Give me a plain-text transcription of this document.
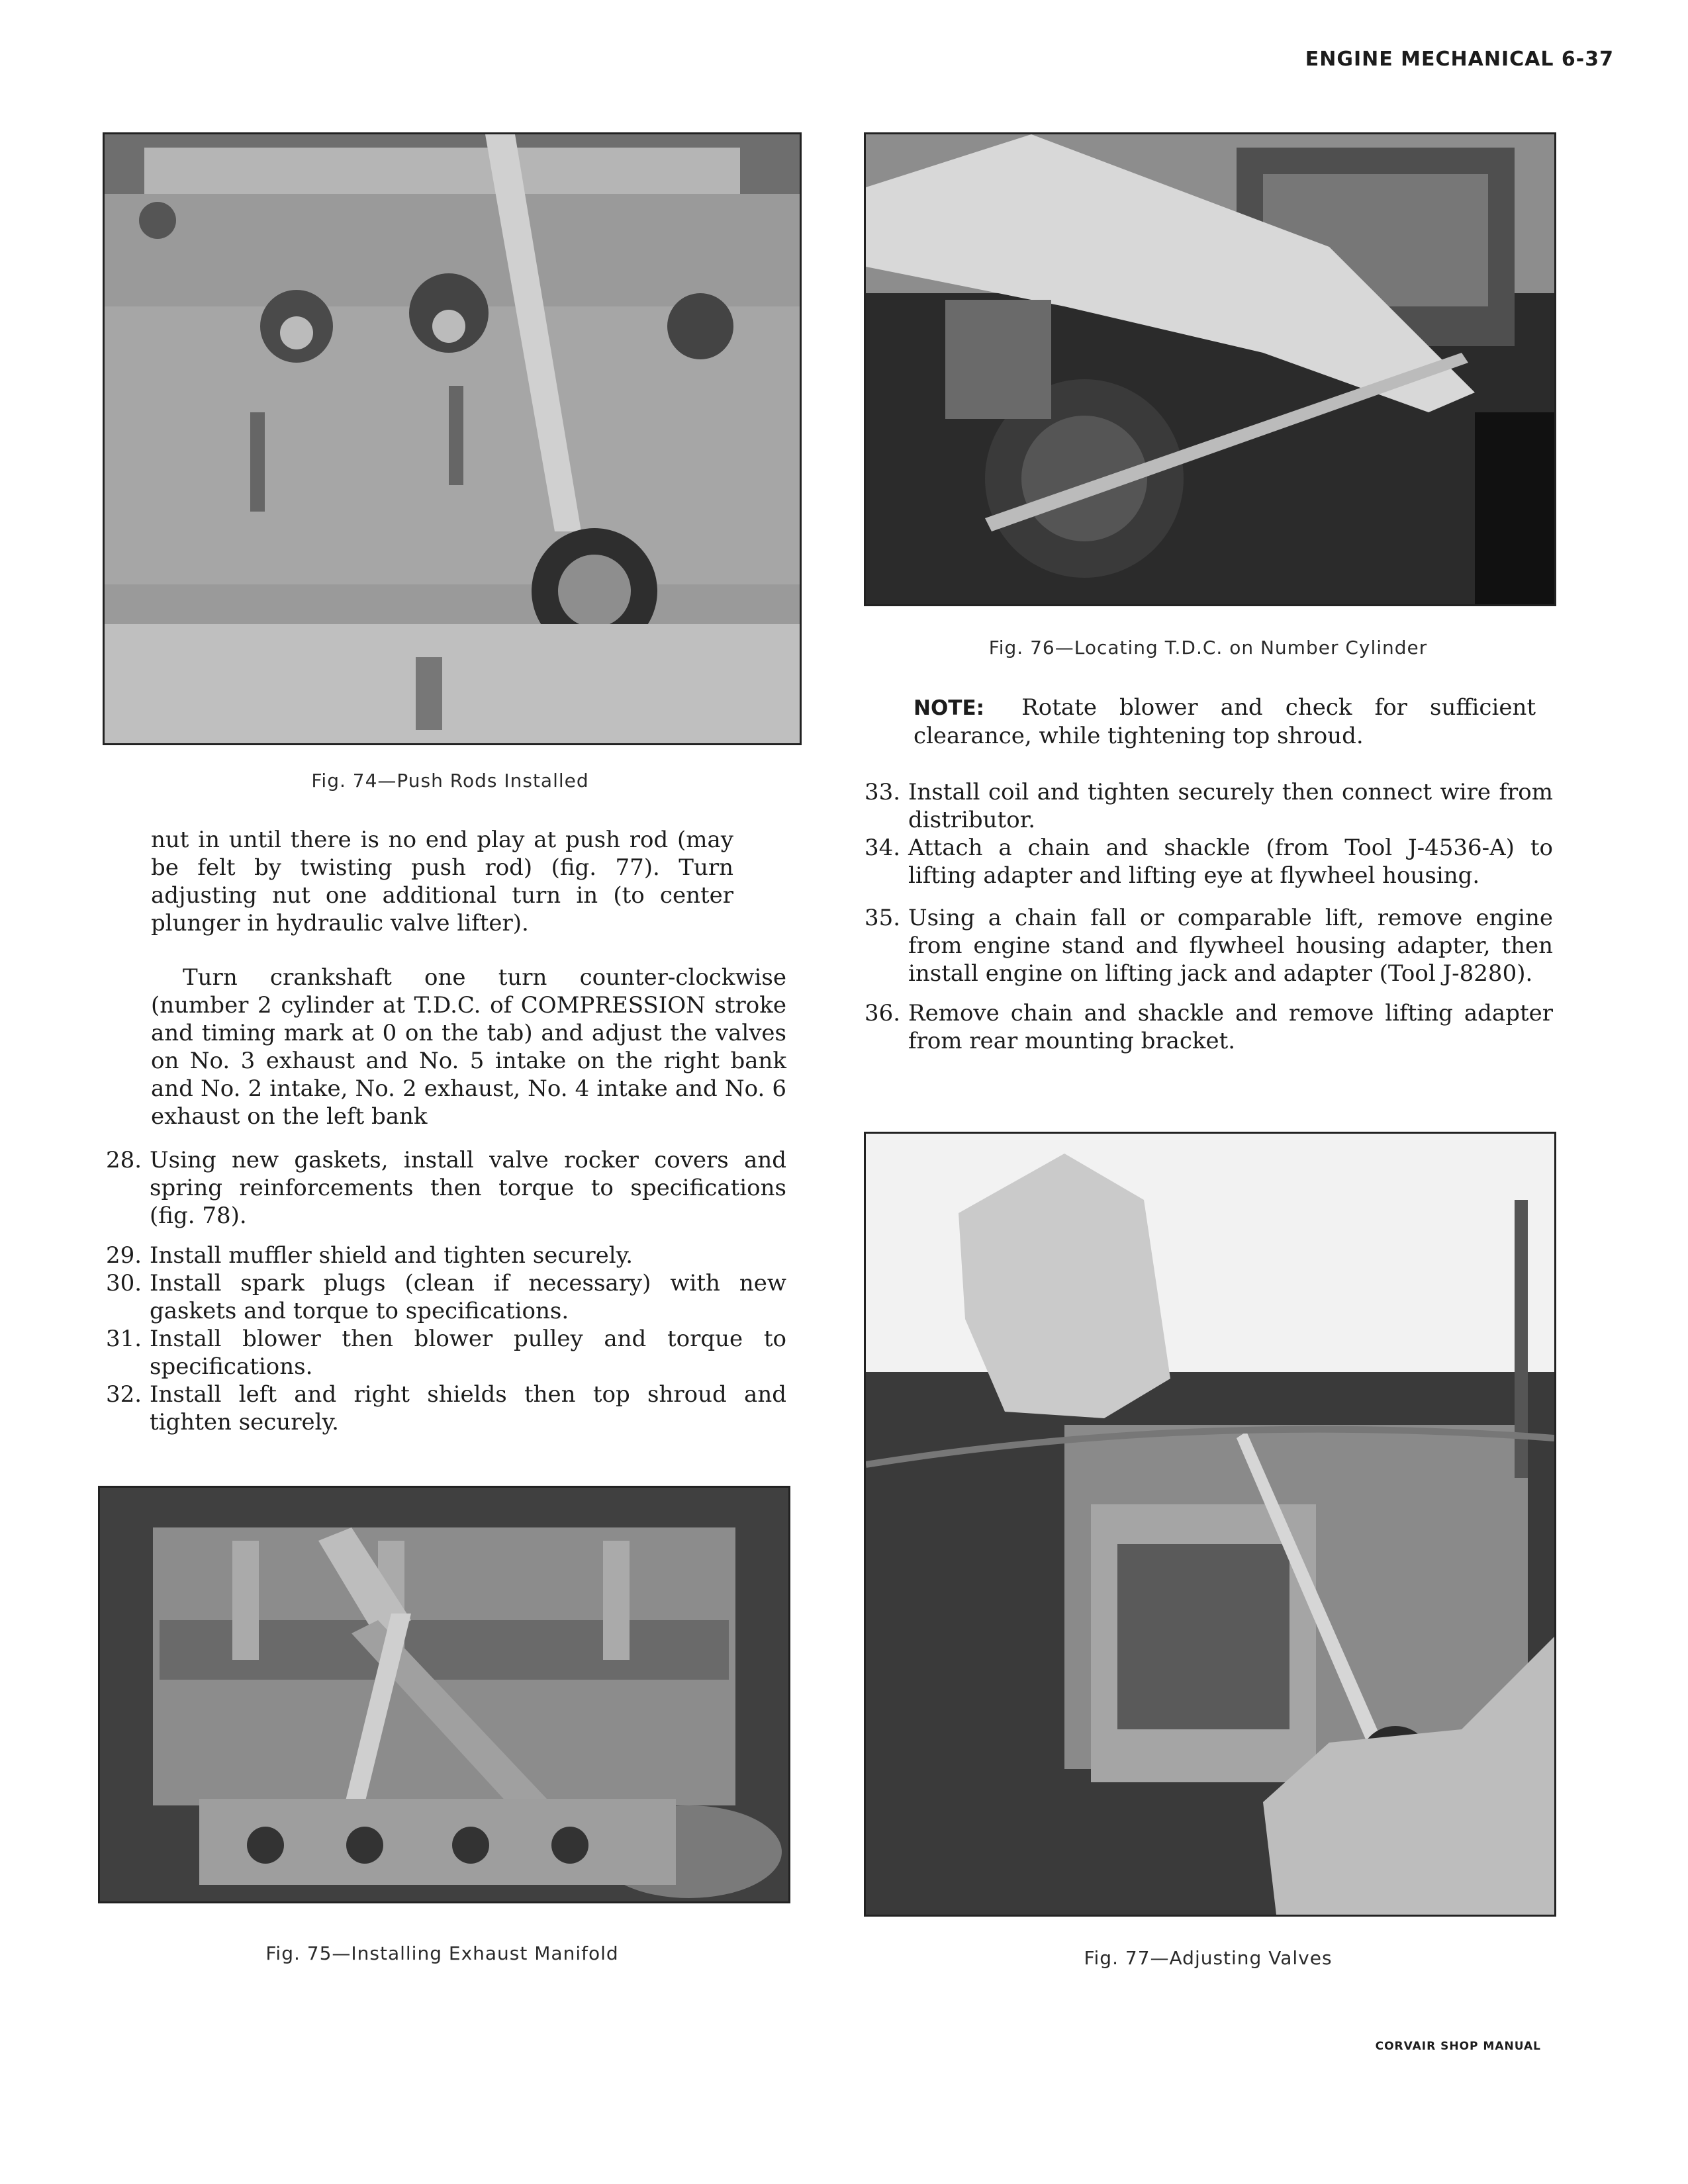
ENGINE MECHANICAL 6-37
Fig. 74—Push Rods Installed
nut in until there is no end play at push rod (may be felt by twisting push rod) (fig. 77). Turn adjusting nut one additional turn in (to center plunger in hydraulic valve lifter).
Turn crankshaft one turn counter-clockwise (number 2 cylinder at T.D.C. of COMPRESSION stroke and timing mark at 0 on the tab) and adjust the valves on No. 3 exhaust and No. 5 intake on the right bank and No. 2 intake, No. 2 exhaust, No. 4 intake and No. 6 exhaust on the left bank
28. Using new gaskets, install valve rocker covers and spring reinforcements then torque to specifications (fig. 78).
29. Install muffler shield and tighten securely.
30. Install spark plugs (clean if necessary) with new gaskets and torque to specifications.
31. Install blower then blower pulley and torque to specifications.
32. Install left and right shields then top shroud and tighten securely.
Fig. 75—Installing Exhaust Manifold
Fig. 76—Locating T.D.C. on Number Cylinder
NOTE: Rotate blower and check for sufficient clearance, while tightening top shroud.
33. Install coil and tighten securely then connect wire from distributor.
34. Attach a chain and shackle (from Tool J-4536-A) to lifting adapter and lifting eye at flywheel housing.
35. Using a chain fall or comparable lift, remove engine from engine stand and flywheel housing adapter, then install engine on lifting jack and adapter (Tool J-8280).
36. Remove chain and shackle and remove lifting adapter from rear mounting bracket.
Fig. 77—Adjusting Valves
CORVAIR SHOP MANUAL
